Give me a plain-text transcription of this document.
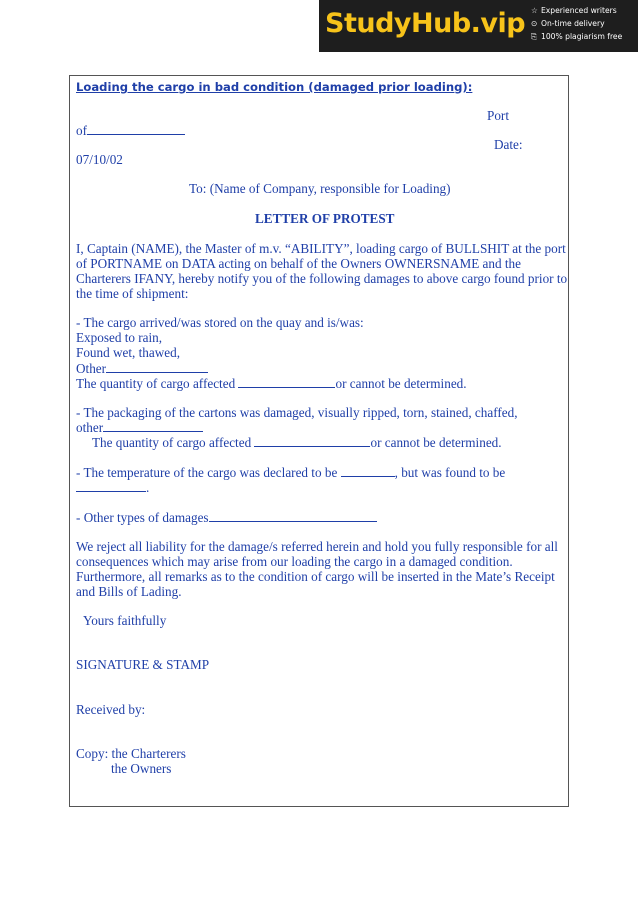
StudyHub.vip ☆ Experienced writers
⊙ On-time delivery
⎘ 100% plagiarism free
Loading the cargo in bad condition (damaged prior loading):
Port
of
Date:
07/10/02
To: (Name of Company, responsible for Loading)
LETTER OF PROTEST
I, Captain (NAME), the Master of m.v. “ABILITY”, loading cargo of BULLSHIT at the port
of PORTNAME on DATA acting on behalf of the Owners OWNERSNAME and the
Charterers IFANY, hereby notify you of the following damages to above cargo found prior to
the time of shipment:
- The cargo arrived/was stored on the quay and is/was:
Exposed to rain,
Found wet, thawed,
Other
The quantity of cargo affected	or cannot be determined.
- The packaging of the cartons was damaged, visually ripped, torn, stained, chaffed,
other
The quantity of cargo affected	or cannot be determined.
- The temperature of the cargo was declared to be	, but was found to be
.
- Other types of damages
We reject all liability for the damage/s referred herein and hold you fully responsible for all
consequences which may arise from our loading the cargo in a damaged condition.
Furthermore, all remarks as to the condition of cargo will be inserted in the Mate’s Receipt
and Bills of Lading.
Yours faithfully
SIGNATURE & STAMP
Received by:
Copy: the Charterers
the Owners
